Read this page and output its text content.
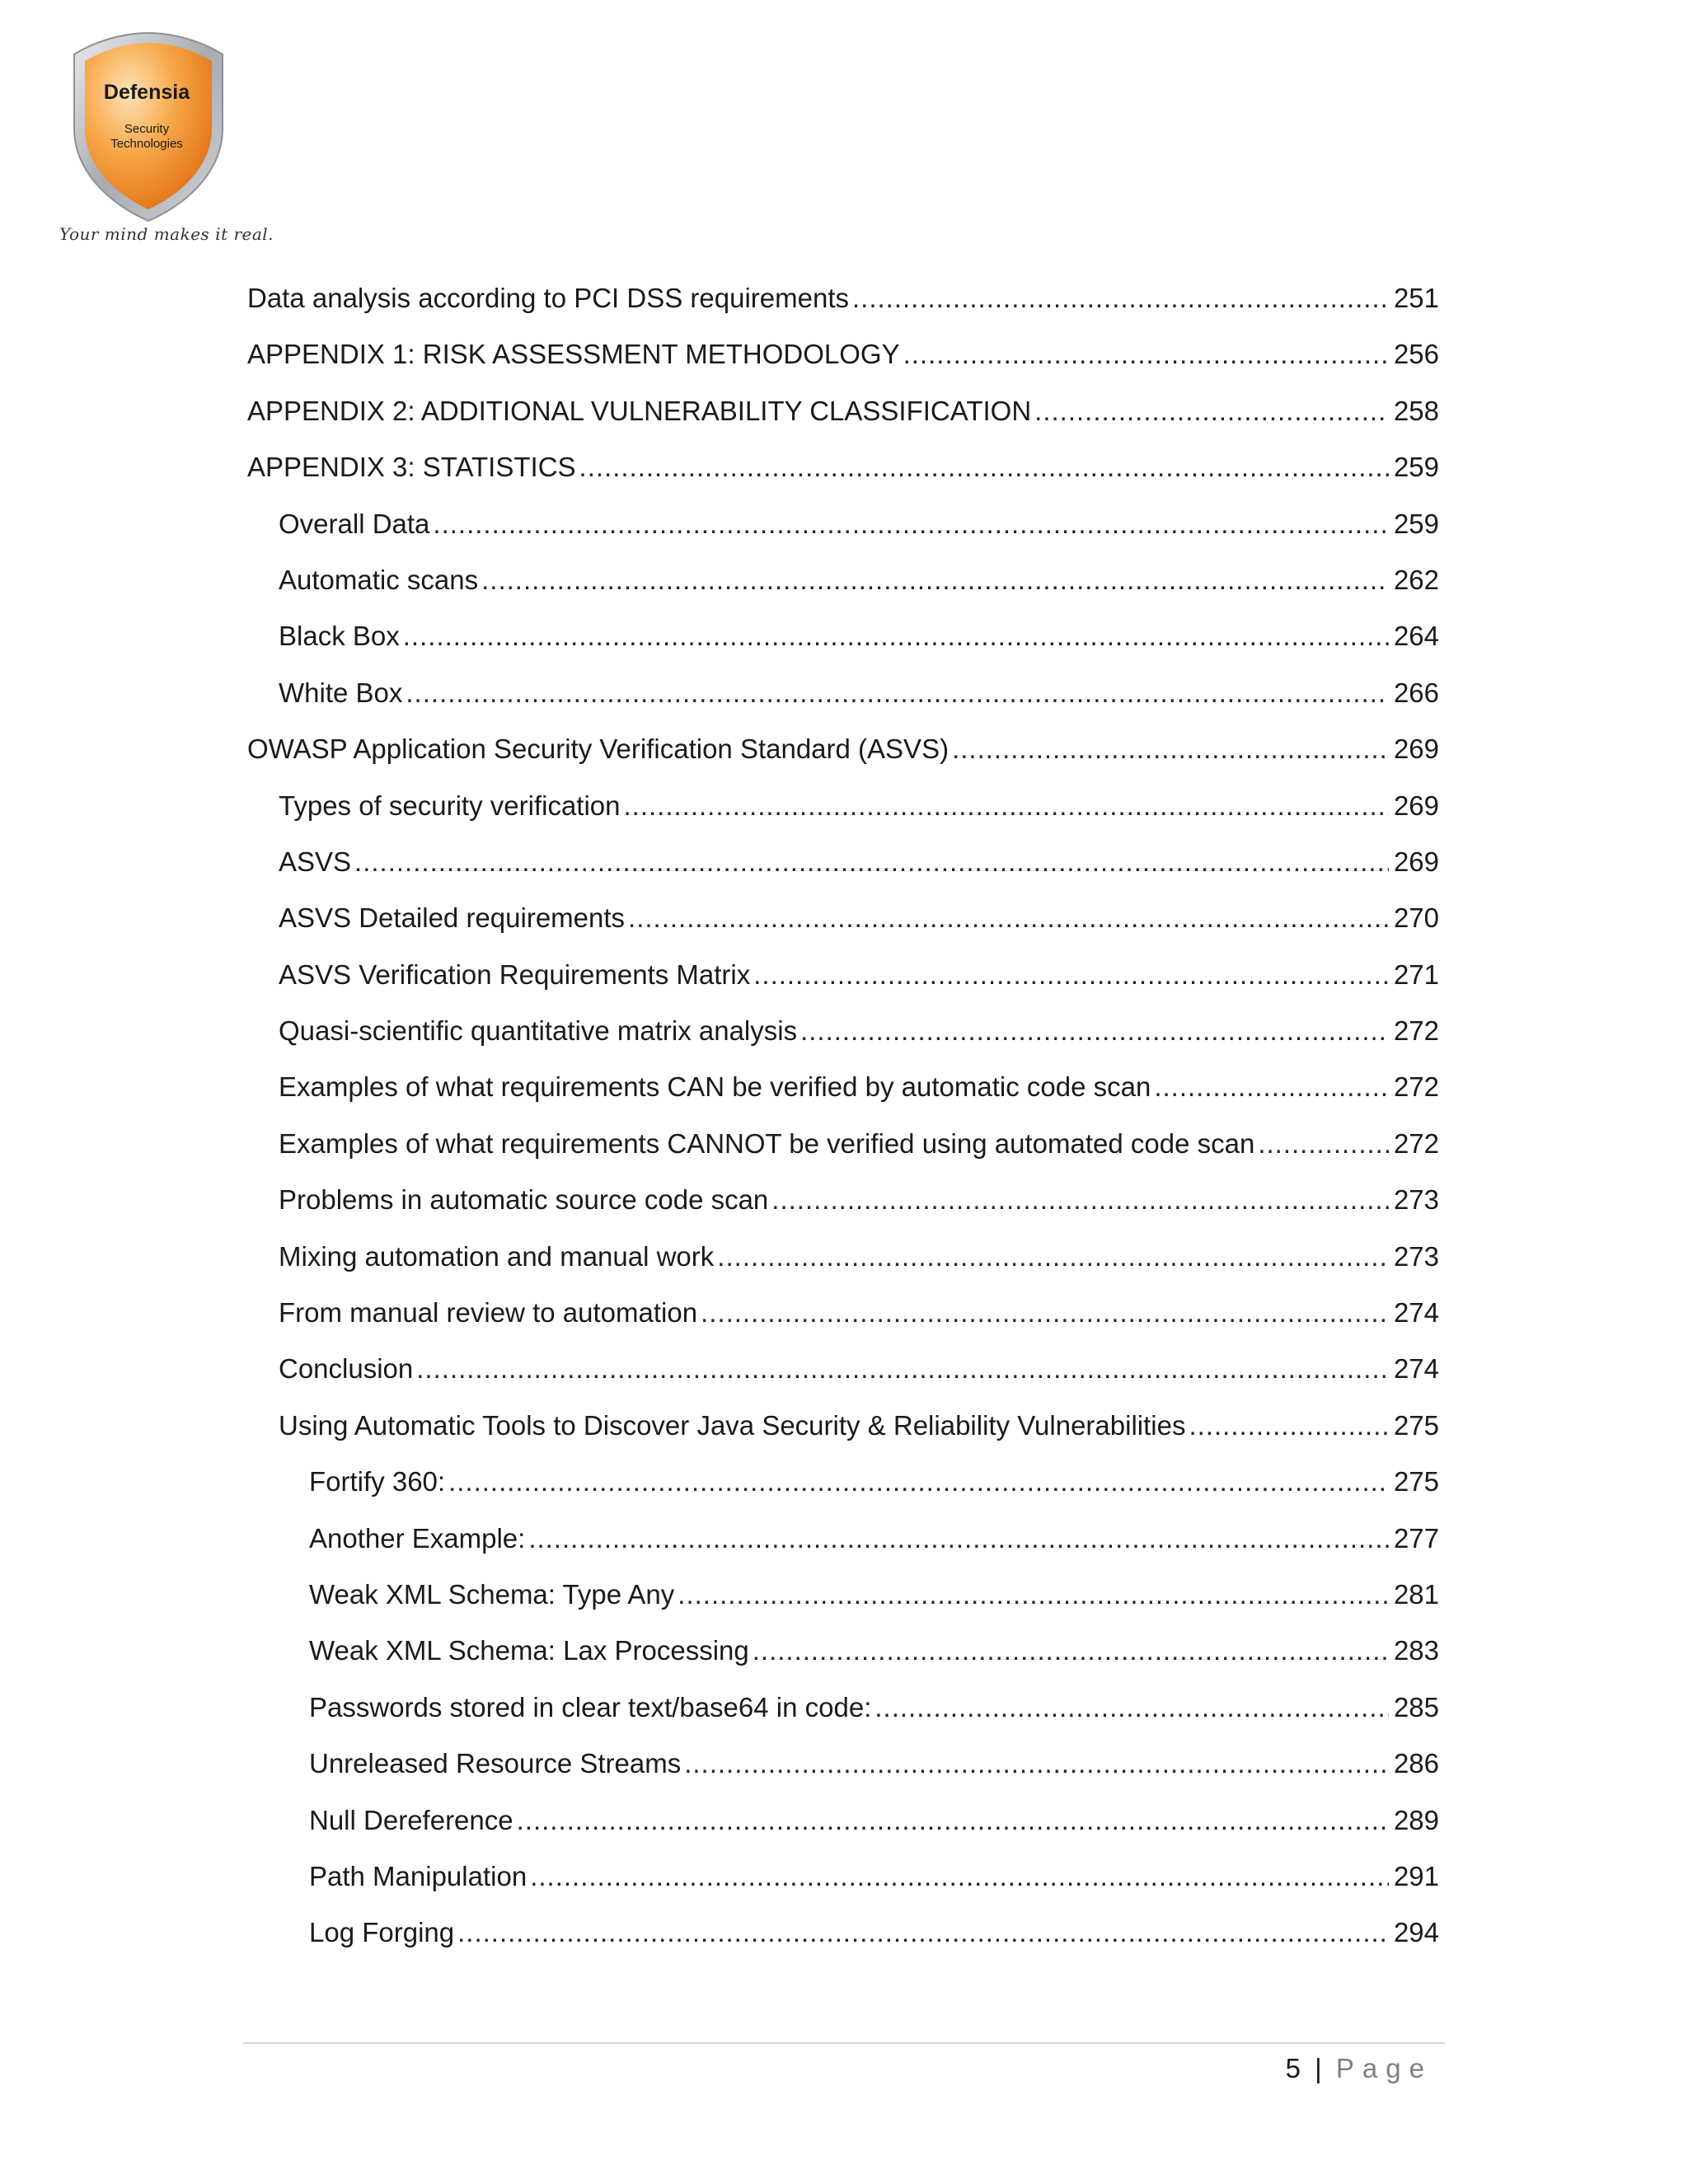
Defensia
Security
Technologies
Your mind makes it real.
Data analysis according to PCI DSS requirements .....	251
APPENDIX 1: RISK ASSESSMENT METHODOLOGY .....	256
APPENDIX 2: ADDITIONAL VULNERABILITY CLASSIFICATION .....	258
APPENDIX 3: STATISTICS .....	259
Overall Data .....	259
Automatic scans .....	262
Black Box .....	264
White Box .....	266
OWASP Application Security Verification Standard (ASVS) .....	269
Types of security verification .....	269
ASVS .....	269
ASVS Detailed requirements .....	270
ASVS Verification Requirements Matrix .....	271
Quasi-scientific quantitative matrix analysis .....	272
Examples of what requirements CAN be verified by automatic code scan .....	272
Examples of what requirements CANNOT be verified using automated code scan .....	272
Problems in automatic source code scan .....	273
Mixing automation and manual work .....	273
From manual review to automation .....	274
Conclusion .....	274
Using Automatic Tools to Discover Java Security & Reliability Vulnerabilities .....	275
Fortify 360: .....	275
Another Example: .....	277
Weak XML Schema: Type Any .....	281
Weak XML Schema: Lax Processing .....	283
Passwords stored in clear text/base64 in code: .....	285
Unreleased Resource Streams .....	286
Null Dereference .....	289
Path Manipulation .....	291
Log Forging .....	294
5 | Page
